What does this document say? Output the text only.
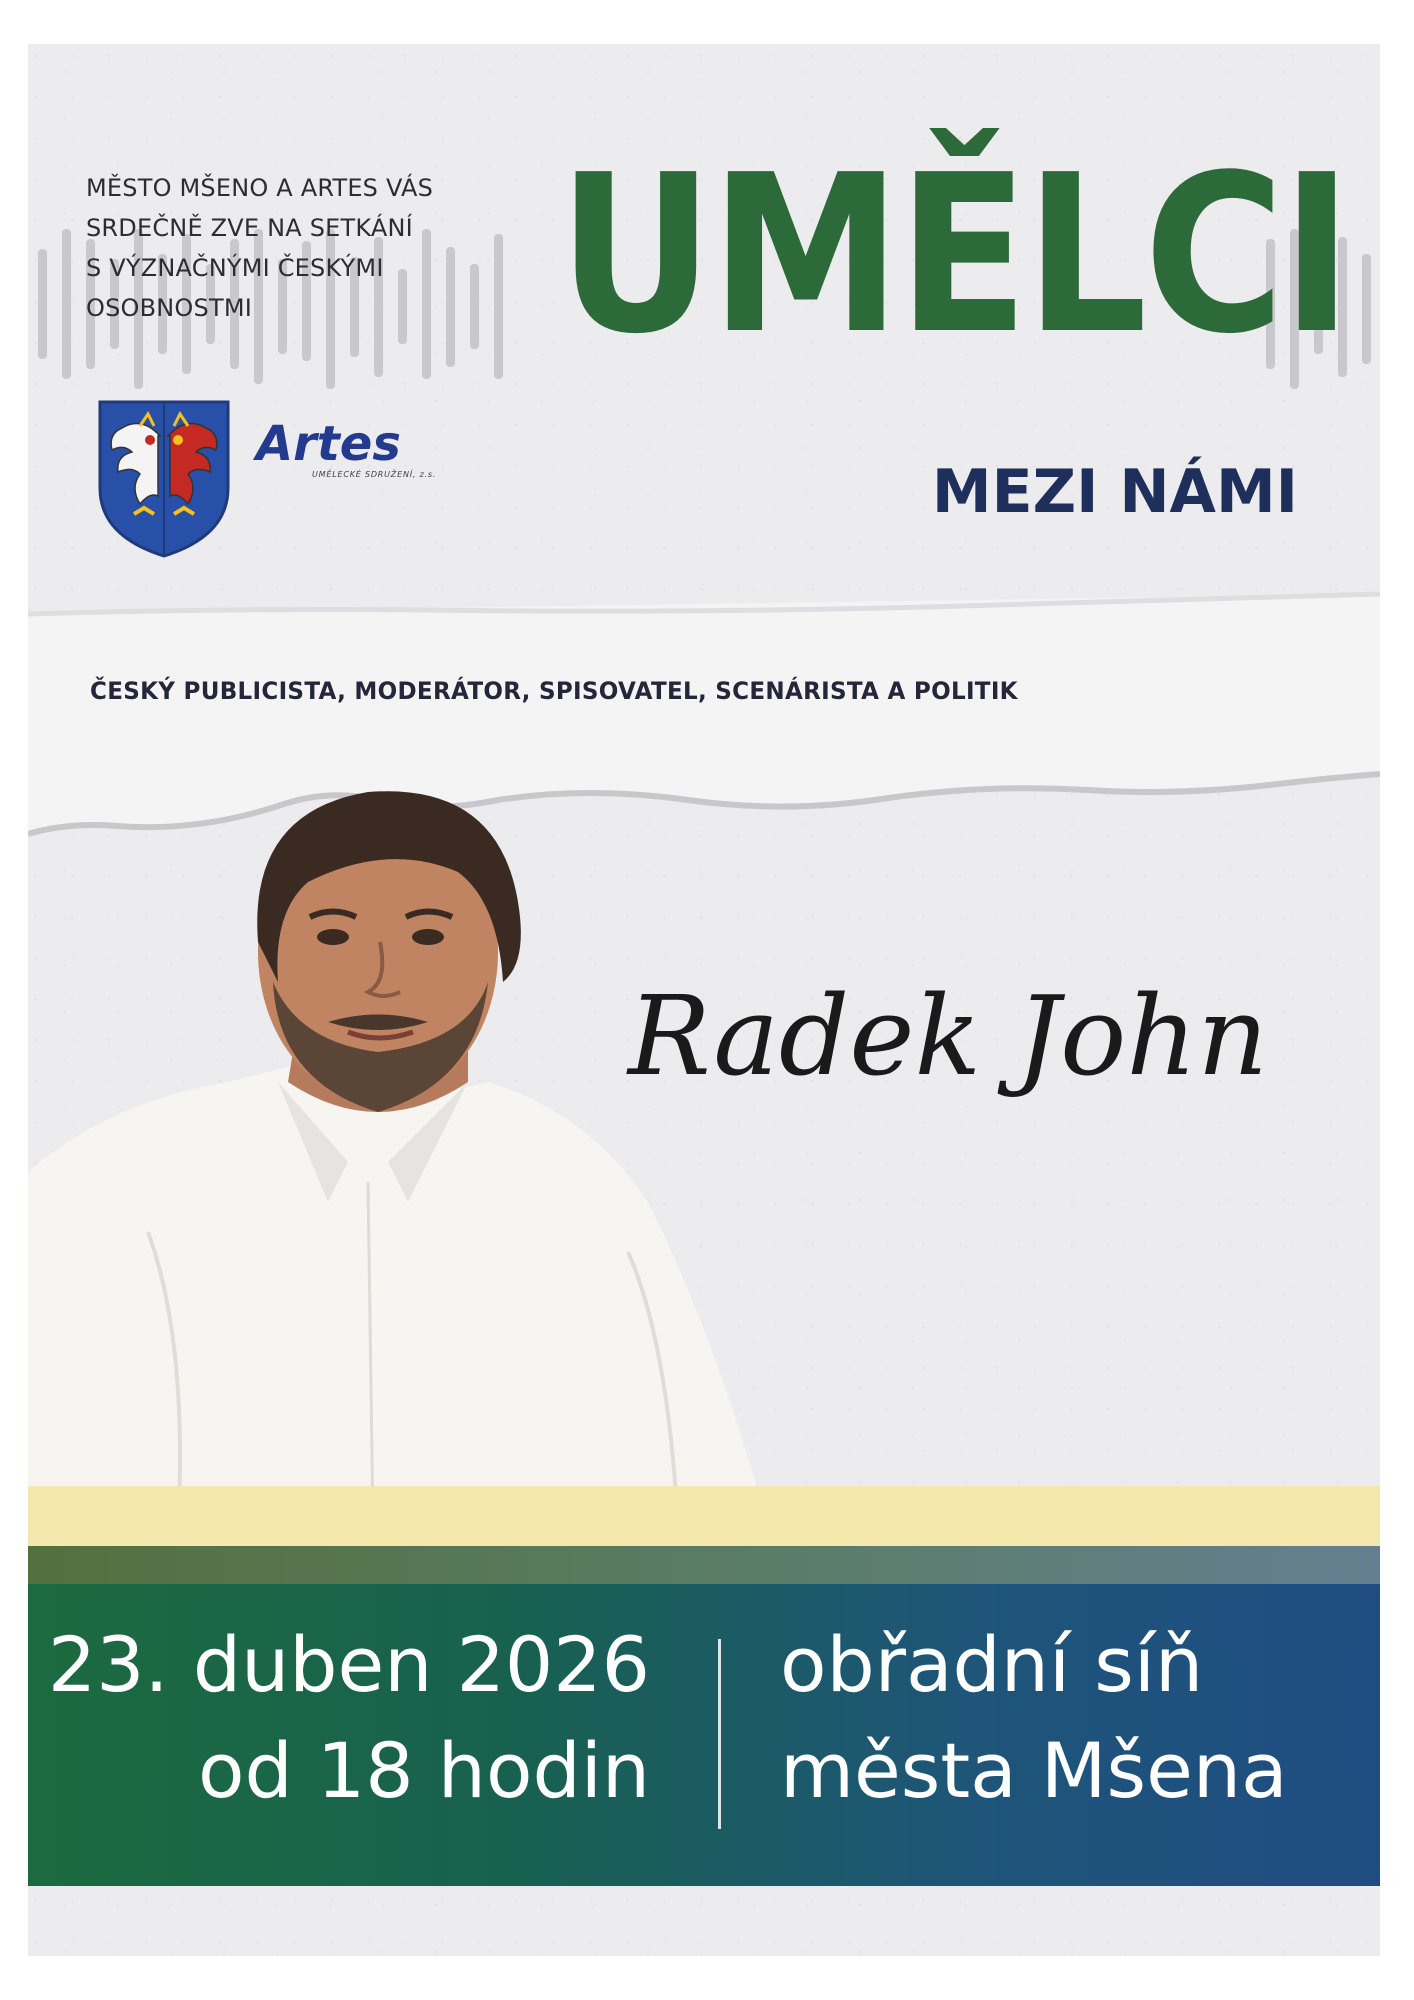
MĚSTO MŠENO A ARTES VÁS
SRDEČNĚ ZVE NA SETKÁNÍ
S VÝZNAČNÝMI ČESKÝMI
OSOBNOSTMI	UMĚLCI
MEZI NÁMI
Artes
UMĚLECKÉ SDRUŽENÍ, z.s.

ČESKÝ PUBLICISTA, MODERÁTOR, SPISOVATEL, SCENÁRISTA A POLITIK

Radek John

23. duben 2026
od 18 hodin

obřadní síň
města Mšena
